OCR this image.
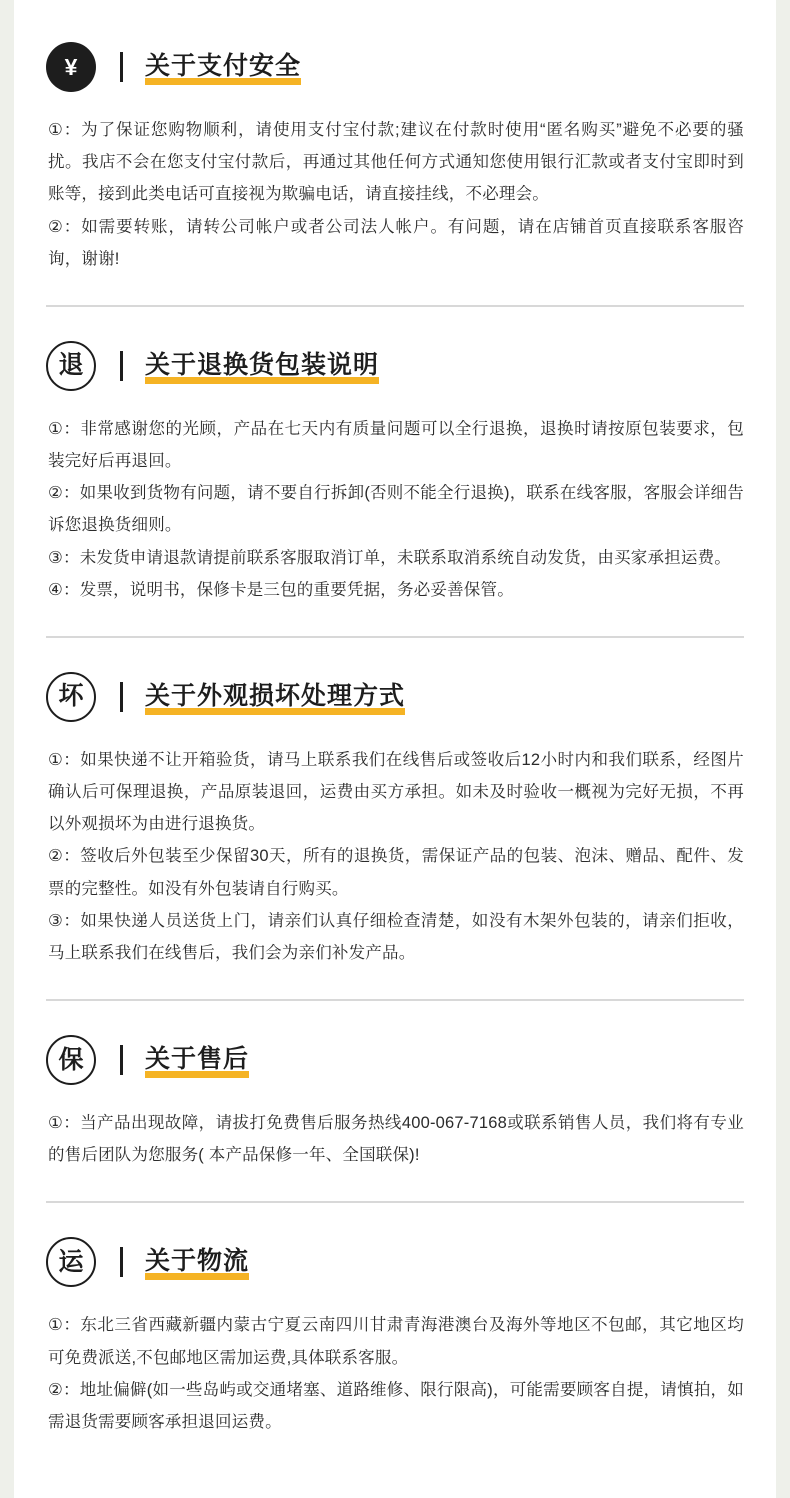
¥	关于支付安全
①：为了保证您购物顺利，请使用支付宝付款;建议在付款时使用“匿名购买”避免不必要的骚扰。我店不会在您支付宝付款后，再通过其他任何方式通知您使用银行汇款或者支付宝即时到账等，接到此类电话可直接视为欺骗电话，请直接挂线，不必理会。
②：如需要转账，请转公司帐户或者公司法人帐户。有问题，请在店铺首页直接联系客服咨询，谢谢!
退 关于退换货包装说明
①：非常感谢您的光顾，产品在七天内有质量问题可以全行退换，退换时请按原包装要求，包装完好后再退回。
②：如果收到货物有问题，请不要自行拆卸(否则不能全行退换)，联系在线客服，客服会详细告诉您退换货细则。
③：未发货申请退款请提前联系客服取消订单，未联系取消系统自动发货，由买家承担运费。
④：发票，说明书，保修卡是三包的重要凭据，务必妥善保管。
坏 关于外观损坏处理方式
①：如果快递不让开箱验货，请马上联系我们在线售后或签收后12小时内和我们联系，经图片确认后可保理退换，产品原装退回，运费由买方承担。如未及时验收一概视为完好无损，不再以外观损坏为由进行退换货。
②：签收后外包装至少保留30天，所有的退换货，需保证产品的包装、泡沫、赠品、配件、发票的完整性。如没有外包装请自行购买。
③：如果快递人员送货上门，请亲们认真仔细检查清楚，如没有木架外包装的，请亲们拒收，马上联系我们在线售后，我们会为亲们补发产品。
保 关于售后
①：当产品出现故障，请拔打免费售后服务热线400-067-7168或联系销售人员，我们将有专业的售后团队为您服务( 本产品保修一年、全国联保)!
运 关于物流
①：东北三省西藏新疆内蒙古宁夏云南四川甘肃青海港澳台及海外等地区不包邮，其它地区均可免费派送,不包邮地区需加运费,具体联系客服。
②：地址偏僻(如一些岛屿或交通堵塞、道路维修、限行限高)，可能需要顾客自提，请慎拍，如需退货需要顾客承担退回运费。
